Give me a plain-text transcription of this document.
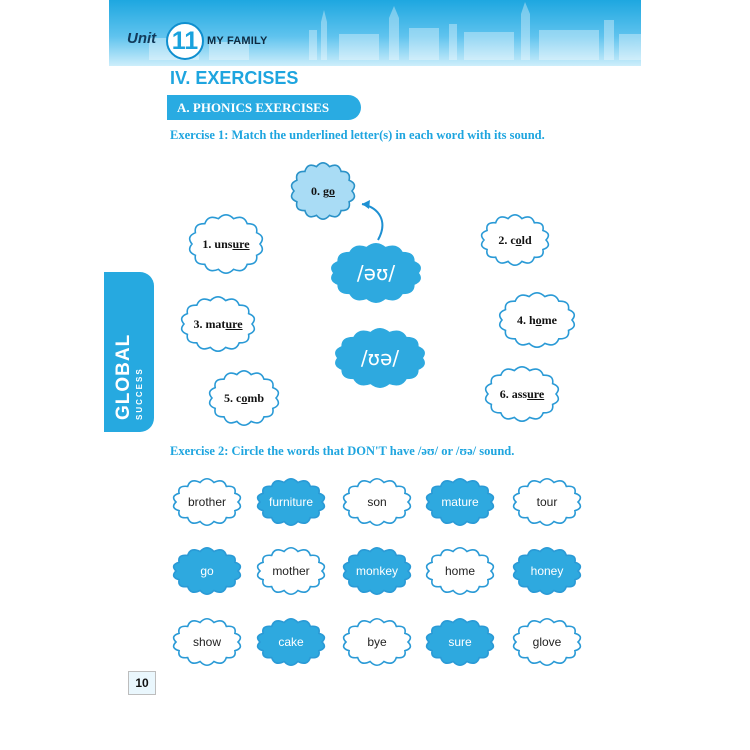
Unit 11 MY FAMILY
GLOBAL SUCCESS
IV. EXERCISES
A. PHONICS EXERCISES
Exercise 1: Match the underlined letter(s) in each word with its sound.
0. g o
/əʊ/
/ʊə/
1. uns ure	2. c o ld
3. mat ure	4. h o me
5. c o mb	6. ass ure
Exercise 2: Circle the words that DON'T have /əʊ/ or /ʊə/ sound.
brother	furniture	son	mature	tour
go	mother	monkey	home	honey
show	cake	bye	sure	glove
10
